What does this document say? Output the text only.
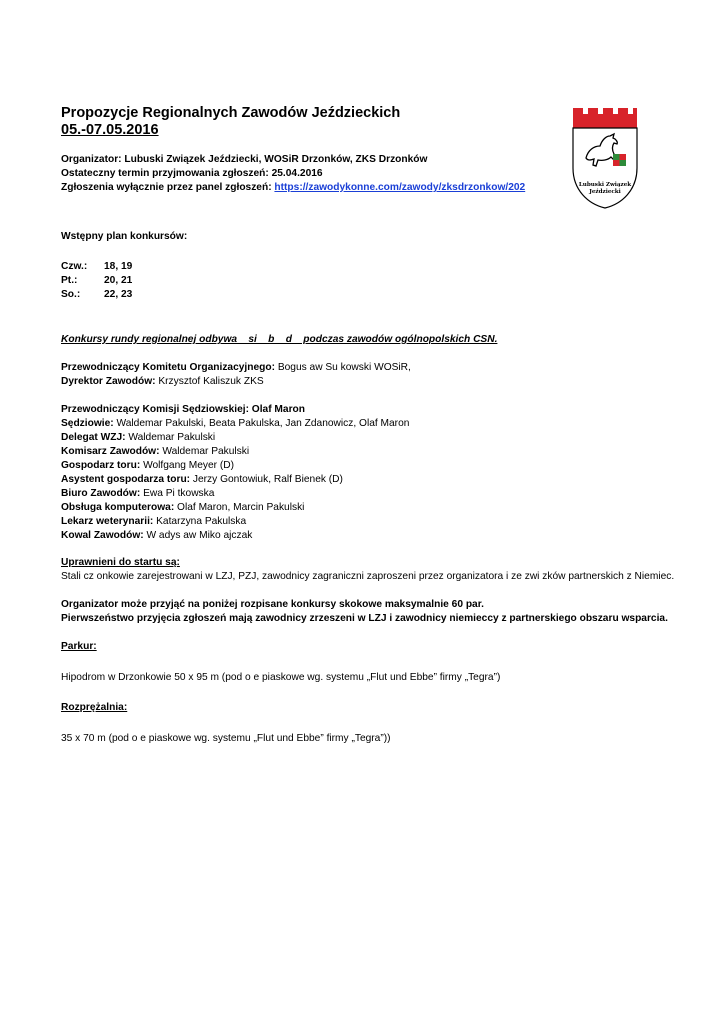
Propozycje Regionalnych Zawodów Jeździeckich
05.-07.05.2016
Organizator: Lubuski Związek Jeździecki, WOSiR Drzonków, ZKS Drzonków
Ostateczny termin przyjmowania zgłoszeń: 25.04.2016
Zgłoszenia wyłącznie przez panel zgłoszeń: https://zawodykonne.com/zawody/zksdrzonkow/202	Lubuski Związek
Jeździecki
Wstępny plan konkursów:
Czw.: 18, 19
Pt.:	20, 21
So.: 22, 23
Konkursy rundy regionalnej odbywa    si    b    d    podczas zawodów ogólnopolskich CSN.
Przewodniczący Komitetu Organizacyjnego: Bogus aw Su kowski WOSiR,
Dyrektor Zawodów: Krzysztof Kaliszuk ZKS
Przewodniczący Komisji Sędziowskiej: Olaf Maron
Sędziowie: Waldemar Pakulski, Beata Pakulska, Jan Zdanowicz, Olaf Maron
Delegat WZJ: Waldemar Pakulski
Komisarz Zawodów: Waldemar Pakulski
Gospodarz toru: Wolfgang Meyer (D)
Asystent gospodarza toru: Jerzy Gontowiuk, Ralf Bienek (D)
Biuro Zawodów: Ewa Pi tkowska
Obsługa komputerowa: Olaf Maron, Marcin Pakulski
Lekarz weterynarii: Katarzyna Pakulska
Kowal Zawodów: W adys aw Miko ajczak
Uprawnieni do startu są:
Stali cz onkowie zarejestrowani w LZJ, PZJ, zawodnicy zagraniczni zaproszeni przez organizatora i ze zwi zków partnerskich z Niemiec.
Organizator może przyjąć na poniżej rozpisane konkursy skokowe maksymalnie 60 par.
Pierwszeństwo przyjęcia zgłoszeń mają zawodnicy zrzeszeni w LZJ i zawodnicy niemieccy z partnerskiego obszaru wsparcia.
Parkur:
Hipodrom w Drzonkowie 50 x 95 m (pod o e piaskowe wg. systemu „Flut und Ebbe” firmy „Tegra”)
Rozprężalnia:
35 x 70 m (pod o e piaskowe wg. systemu „Flut und Ebbe” firmy „Tegra”))
